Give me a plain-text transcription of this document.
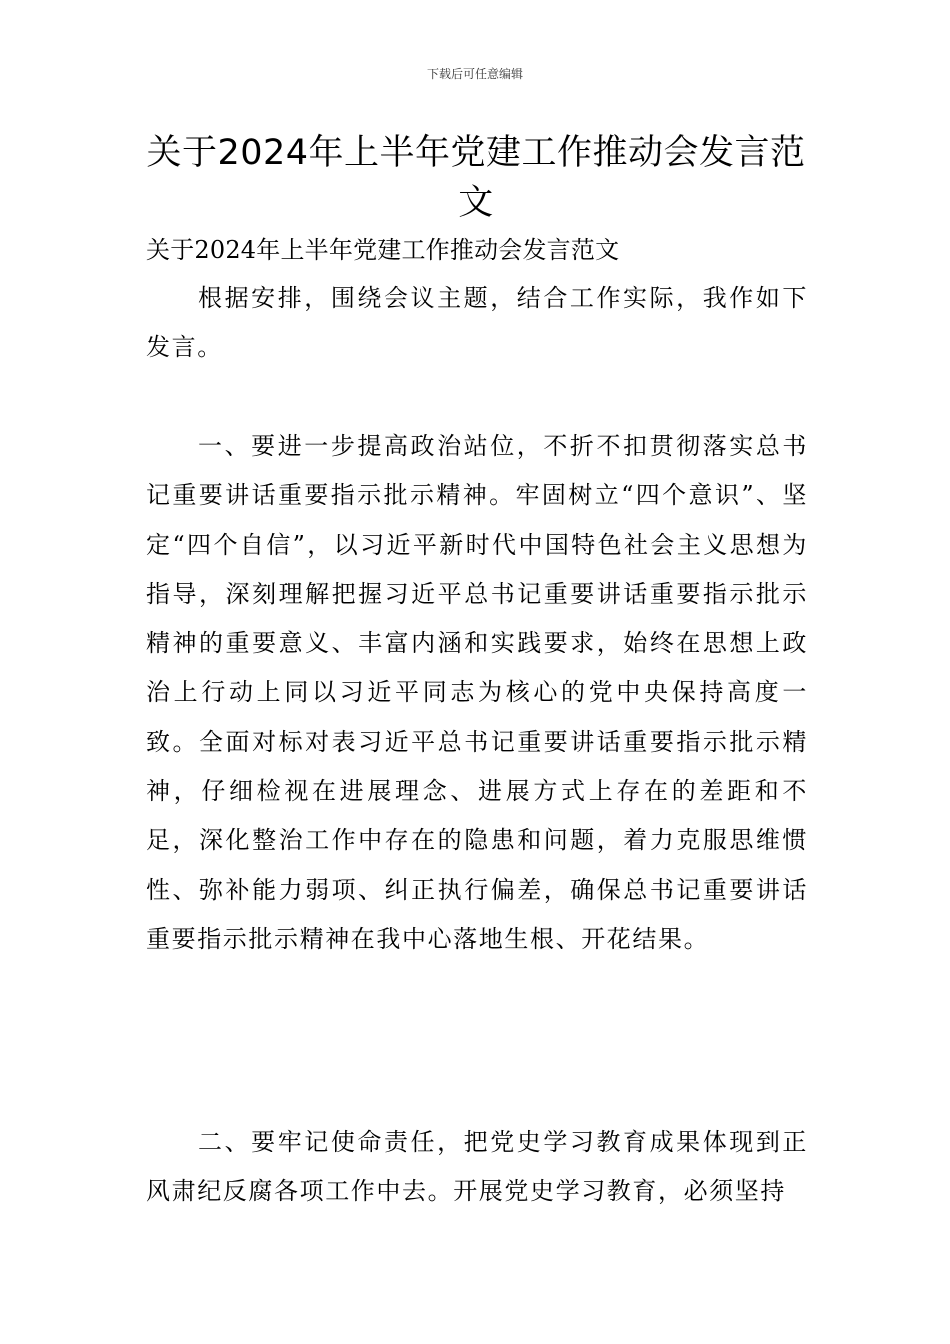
下载后可任意编辑
关于2024年上半年党建工作推动会发言范文

关于2024年上半年党建工作推动会发言范文

根据安排，围绕会议主题，结合工作实际，我作如下发言。

一、要进一步提高政治站位，不折不扣贯彻落实总书记重要讲话重要指示批示精神。牢固树立“四个意识”、坚定“四个自信”，以习近平新时代中国特色社会主义思想为指导，深刻理解把握习近平总书记重要讲话重要指示批示精神的重要意义、丰富内涵和实践要求，始终在思想上政治上行动上同以习近平同志为核心的党中央保持高度一致。全面对标对表习近平总书记重要讲话重要指示批示精神，仔细检视在进展理念、进展方式上存在的差距和不足，深化整治工作中存在的隐患和问题，着力克服思维惯性、弥补能力弱项、纠正执行偏差，确保总书记重要讲话重要指示批示精神在我中心落地生根、开花结果。

二、要牢记使命责任，把党史学习教育成果体现到正风肃纪反腐各项工作中去。开展党史学习教育，必须坚持
